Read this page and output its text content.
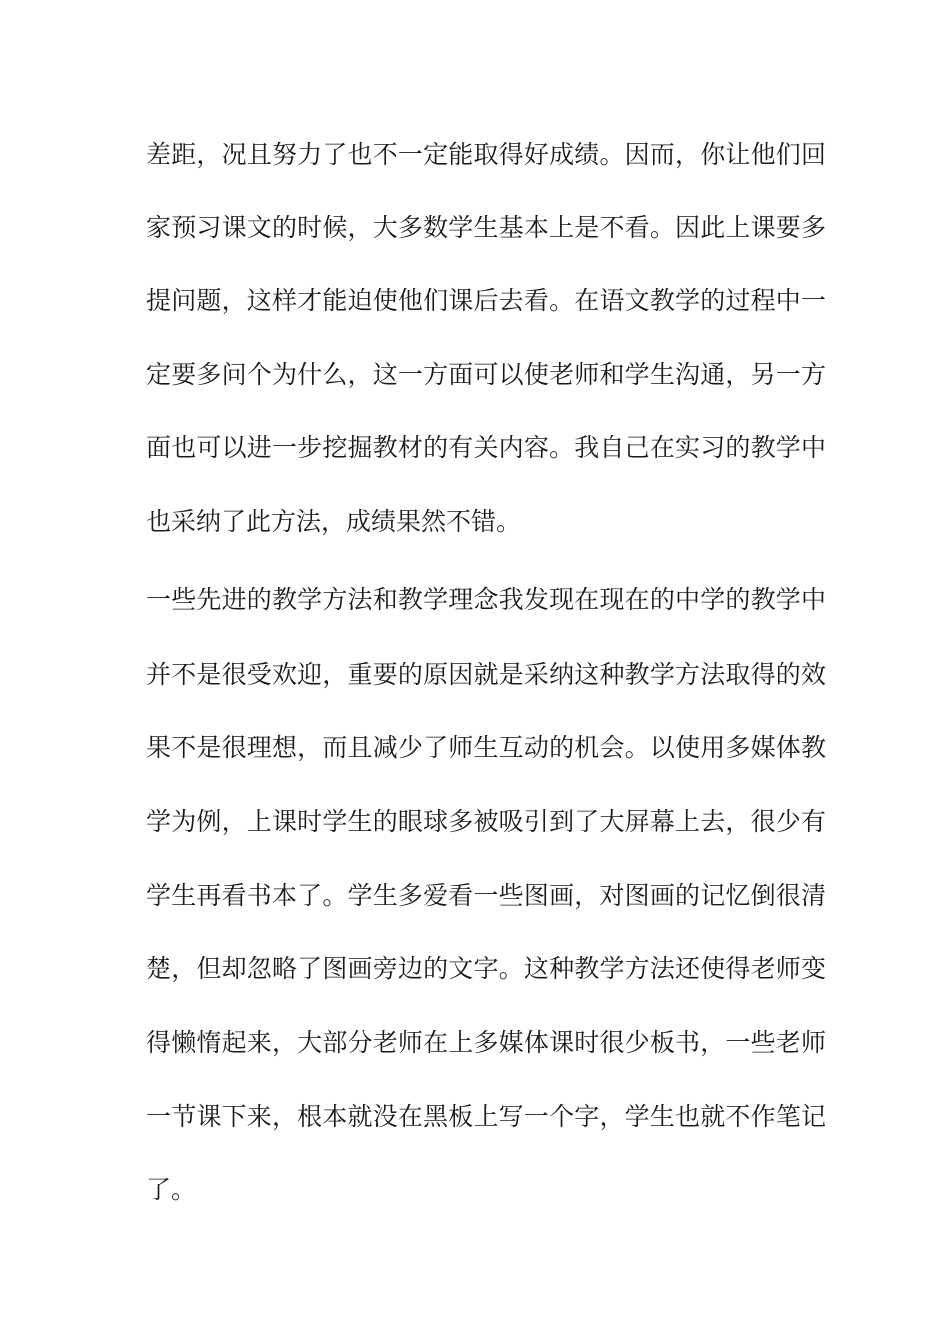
差距，况且努力了也不一定能取得好成绩。因而，你让他们回
家预习课文的时候，大多数学生基本上是不看。因此上课要多
提问题，这样才能迫使他们课后去看。在语文教学的过程中一
定要多问个为什么，这一方面可以使老师和学生沟通，另一方
面也可以进一步挖掘教材的有关内容。我自己在实习的教学中
也采纳了此方法，成绩果然不错。
一些先进的教学方法和教学理念我发现在现在的中学的教学中
并不是很受欢迎，重要的原因就是采纳这种教学方法取得的效
果不是很理想，而且减少了师生互动的机会。以使用多媒体教
学为例，上课时学生的眼球多被吸引到了大屏幕上去，很少有
学生再看书本了。学生多爱看一些图画，对图画的记忆倒很清
楚，但却忽略了图画旁边的文字。这种教学方法还使得老师变
得懒惰起来，大部分老师在上多媒体课时很少板书，一些老师
一节课下来，根本就没在黑板上写一个字，学生也就不作笔记
了。
